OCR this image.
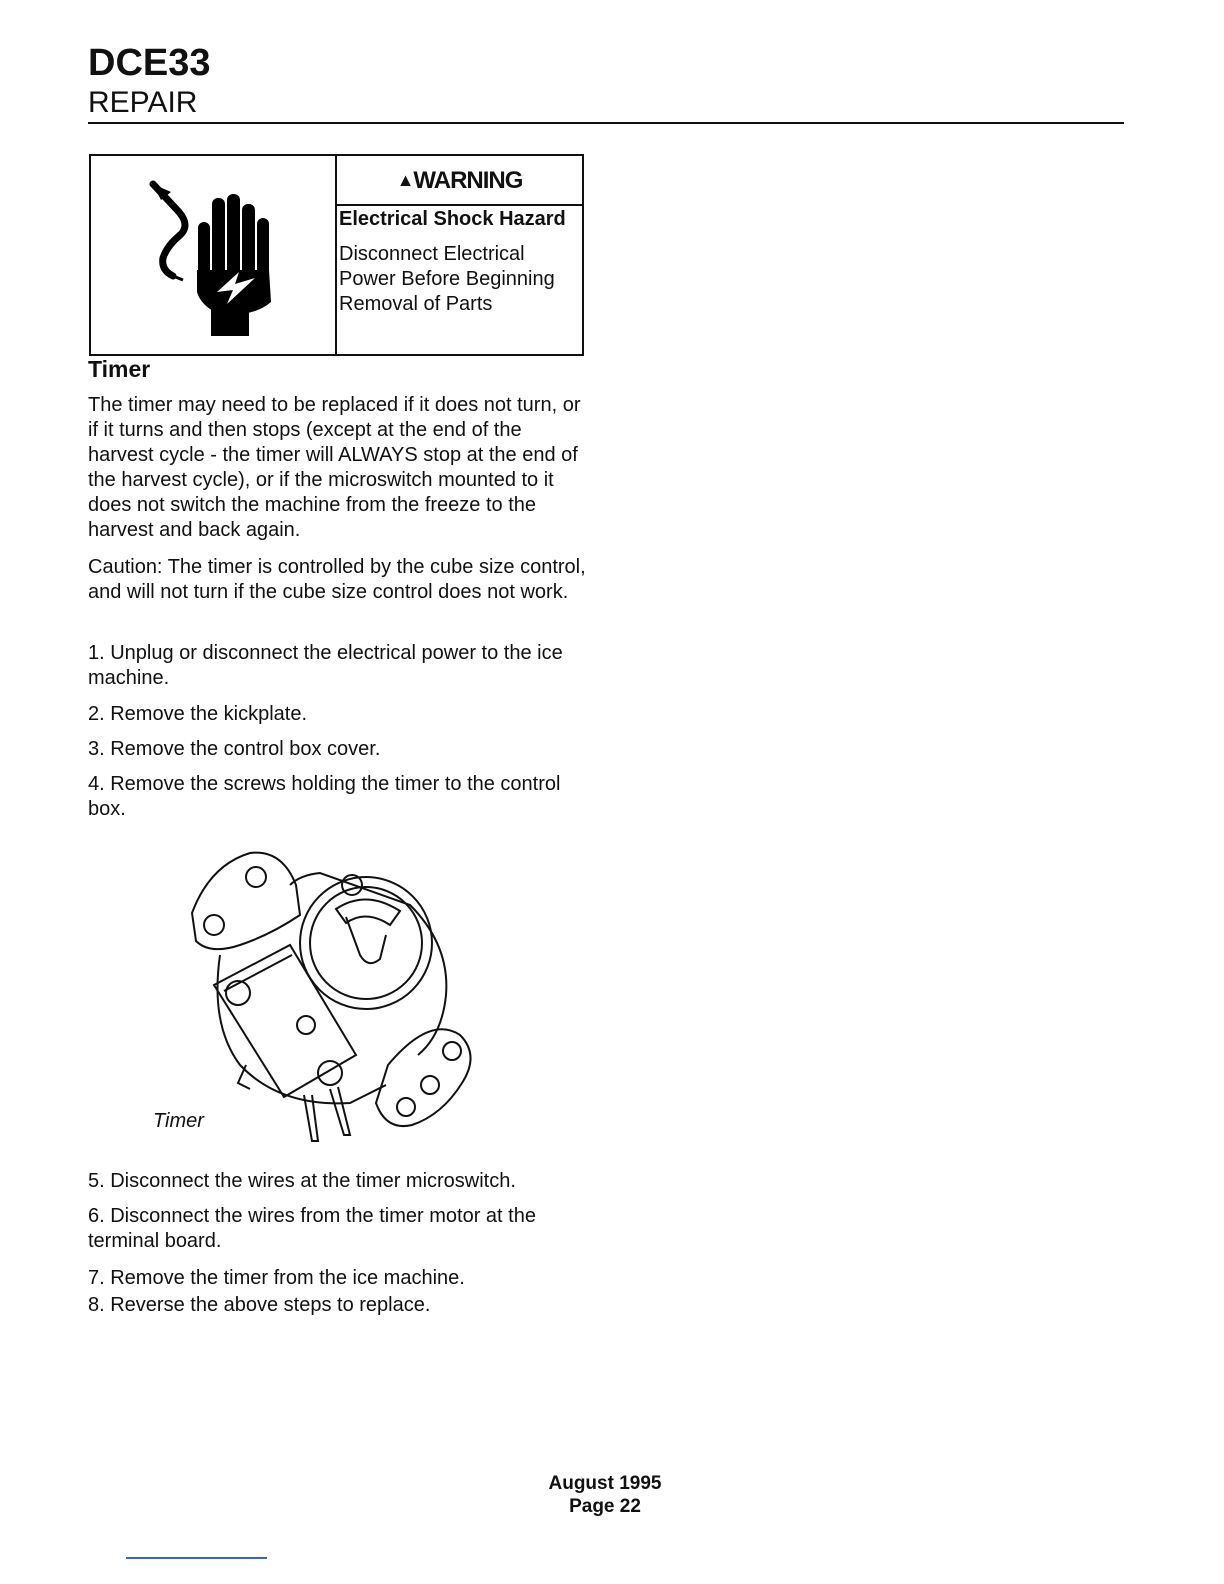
DCE33
REPAIR
▲WARNING
Electrical Shock Hazard
Disconnect Electrical
Power Before Beginning
Removal of Parts
Timer
The timer may need to be replaced if it does not turn, or if it turns and then stops (except at the end of the harvest cycle - the timer will ALWAYS stop at the end of the harvest cycle), or if the microswitch mounted to it does not switch the machine from the freeze to the harvest and back again.
Caution: The timer is controlled by the cube size control, and will not turn if the cube size control does not work.
1. Unplug or disconnect the electrical power to the ice machine.
2. Remove the kickplate.
3. Remove the control box cover.
4. Remove the screws holding the timer to the control box.
Timer
5. Disconnect the wires at the timer microswitch.
6. Disconnect the wires from the timer motor at the terminal board.
7. Remove the timer from the ice machine.
8. Reverse the above steps to replace.
August 1995
Page 22
